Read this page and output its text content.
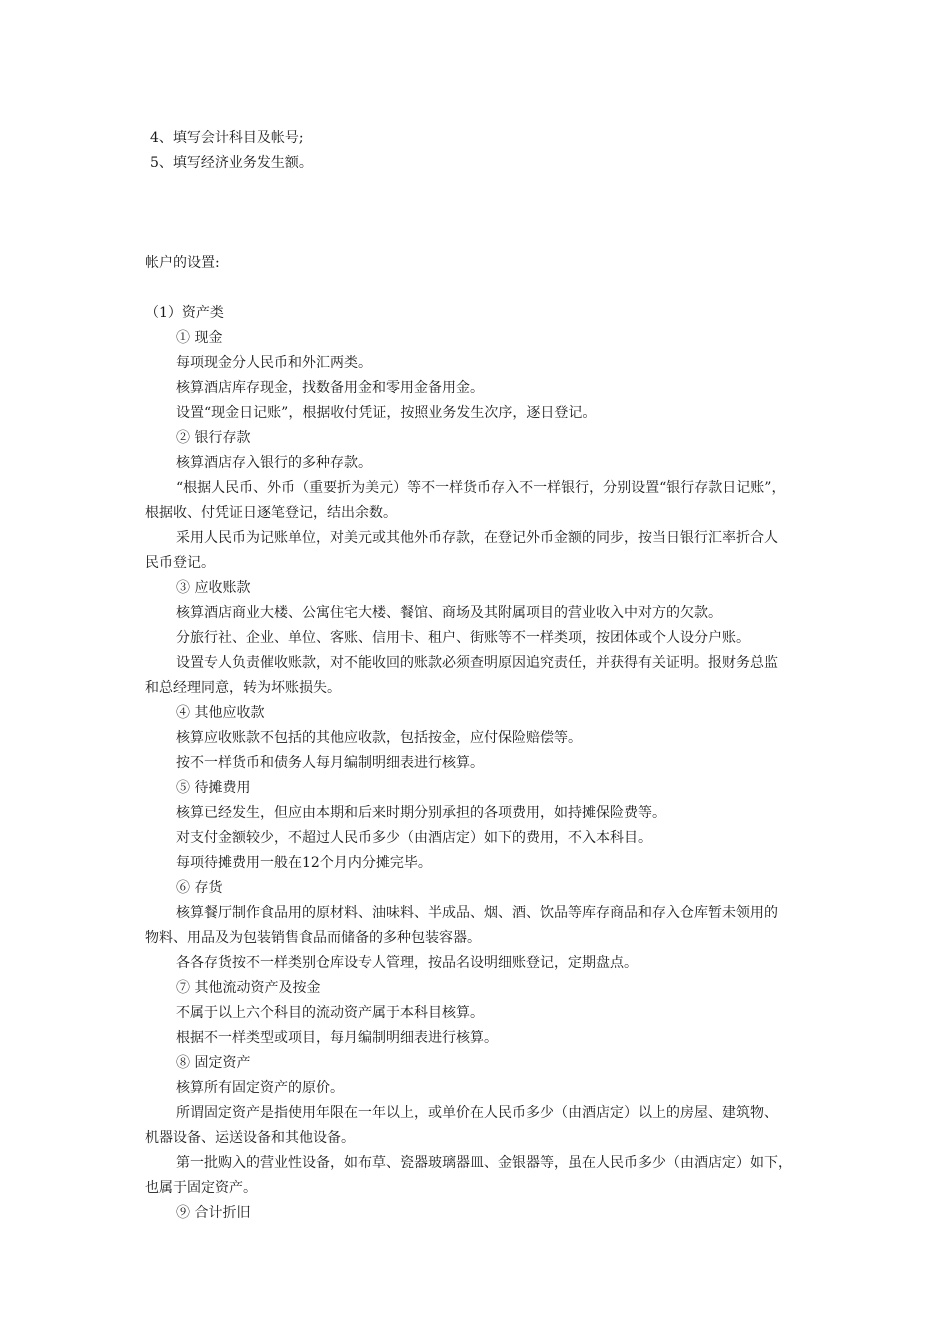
4、填写会计科目及帐号;
5、填写经济业务发生额。
帐户的设置:
（1）资产类
① 现金
每项现金分人民币和外汇两类。
核算酒店库存现金，找数备用金和零用金备用金。
设置“现金日记账”，根据收付凭证，按照业务发生次序，逐日登记。
② 银行存款
核算酒店存入银行的多种存款。
“根据人民币、外币（重要折为美元）等不一样货币存入不一样银行，分别设置“银行存款日记账”，
根据收、付凭证日逐笔登记，结出余数。
采用人民币为记账单位，对美元或其他外币存款，在登记外币金额的同步，按当日银行汇率折合人
民币登记。
③ 应收账款
核算酒店商业大楼、公寓住宅大楼、餐馆、商场及其附属项目的营业收入中对方的欠款。
分旅行社、企业、单位、客账、信用卡、租户、街账等不一样类项，按团体或个人设分户账。
设置专人负责催收账款，对不能收回的账款必须查明原因追究责任，并获得有关证明。报财务总监
和总经理同意，转为坏账损失。
④ 其他应收款
核算应收账款不包括的其他应收款，包括按金，应付保险赔偿等。
按不一样货币和债务人每月编制明细表进行核算。
⑤ 待摊费用
核算已经发生，但应由本期和后来时期分别承担的各项费用，如持摊保险费等。
对支付金额较少，不超过人民币多少（由酒店定）如下的费用，不入本科目。
每项待摊费用一般在12个月内分摊完毕。
⑥ 存货
核算餐厅制作食品用的原材料、油味料、半成品、烟、酒、饮品等库存商品和存入仓库暂未领用的
物料、用品及为包装销售食品而储备的多种包装容器。
各各存货按不一样类别仓库设专人管理，按品名设明细账登记，定期盘点。
⑦ 其他流动资产及按金
不属于以上六个科目的流动资产属于本科目核算。
根据不一样类型或项目，每月编制明细表进行核算。
⑧ 固定资产
核算所有固定资产的原价。
所谓固定资产是指使用年限在一年以上，或单价在人民币多少（由酒店定）以上的房屋、建筑物、
机器设备、运送设备和其他设备。
第一批购入的营业性设备，如布草、瓷器玻璃器皿、金银器等，虽在人民币多少（由酒店定）如下，
也属于固定资产。
⑨ 合计折旧
